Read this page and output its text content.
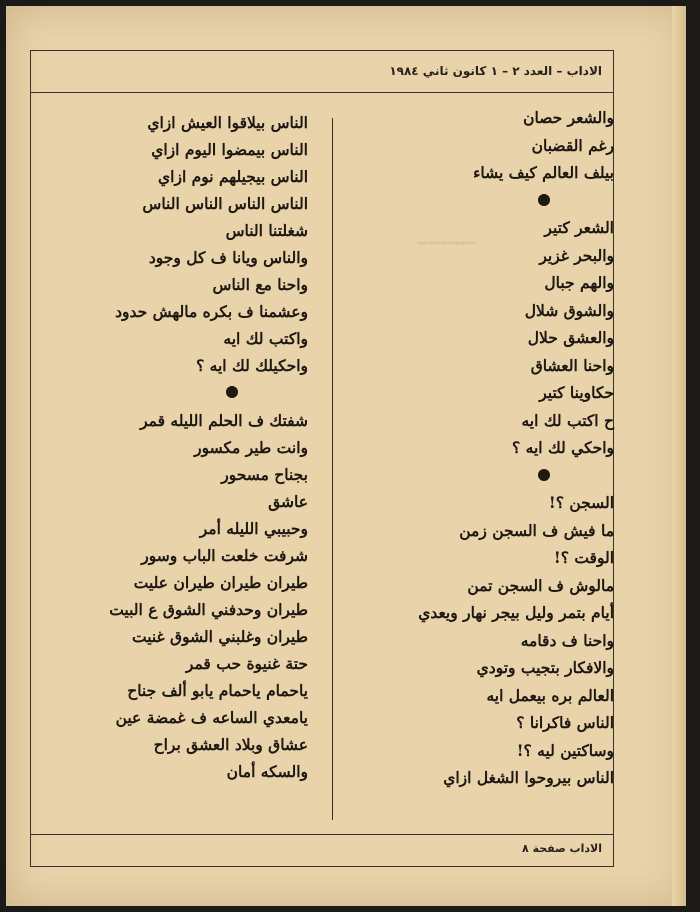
ـــــــــ
الاداب – العدد ٢ – ١ كانون ثاني ١٩٨٤
والشعر حصان
رغم القضبان
بيلف العالم كيف يشاء
الشعر كتير
والبحر غزير
والهم جبال
والشوق شلال
والعشق حلال
واحنا العشاق
حكاوينا كتير
ح اكتب لك ايه
واحكي لك ايه ؟
السجن ؟!
ما فيش ف السجن زمن
الوقت ؟!
مالوش ف السجن تمن
أيام بتمر وليل بيجر نهار ويعدي
واحنا ف دقامه
والافكار بتجيب وتودي
العالم بره بيعمل ايه
الناس فاكرانا ؟
وساكتين ليه ؟!
الناس بيروحوا الشغل ازاي
الناس بيلاقوا العيش ازاي
الناس بيمضوا اليوم ازاي
الناس بيجيلهم نوم ازاي
الناس الناس الناس الناس
شغلتنا الناس
والناس ويانا ف كل وجود
واحنا مع الناس
وعشمنا ف بكره مالهش حدود
واكتب لك ايه
واحكيلك لك ايه ؟
شفتك ف الحلم الليله قمر
وانت طير مكسور
بجناح مسحور
عاشق
وحبيبي الليله أمر
شرفت خلعت الباب وسور
طيران طيران طيران عليت
طيران وحدفني الشوق ع البيت
طيران وغلبني الشوق غنيت
حتة غنيوة حب قمر
ياحمام ياحمام يابو ألف جناح
يامعدي الساعه ف غمضة عين
عشاق وبلاد العشق براح
والسكه أمان
الاداب صفحة ٨
